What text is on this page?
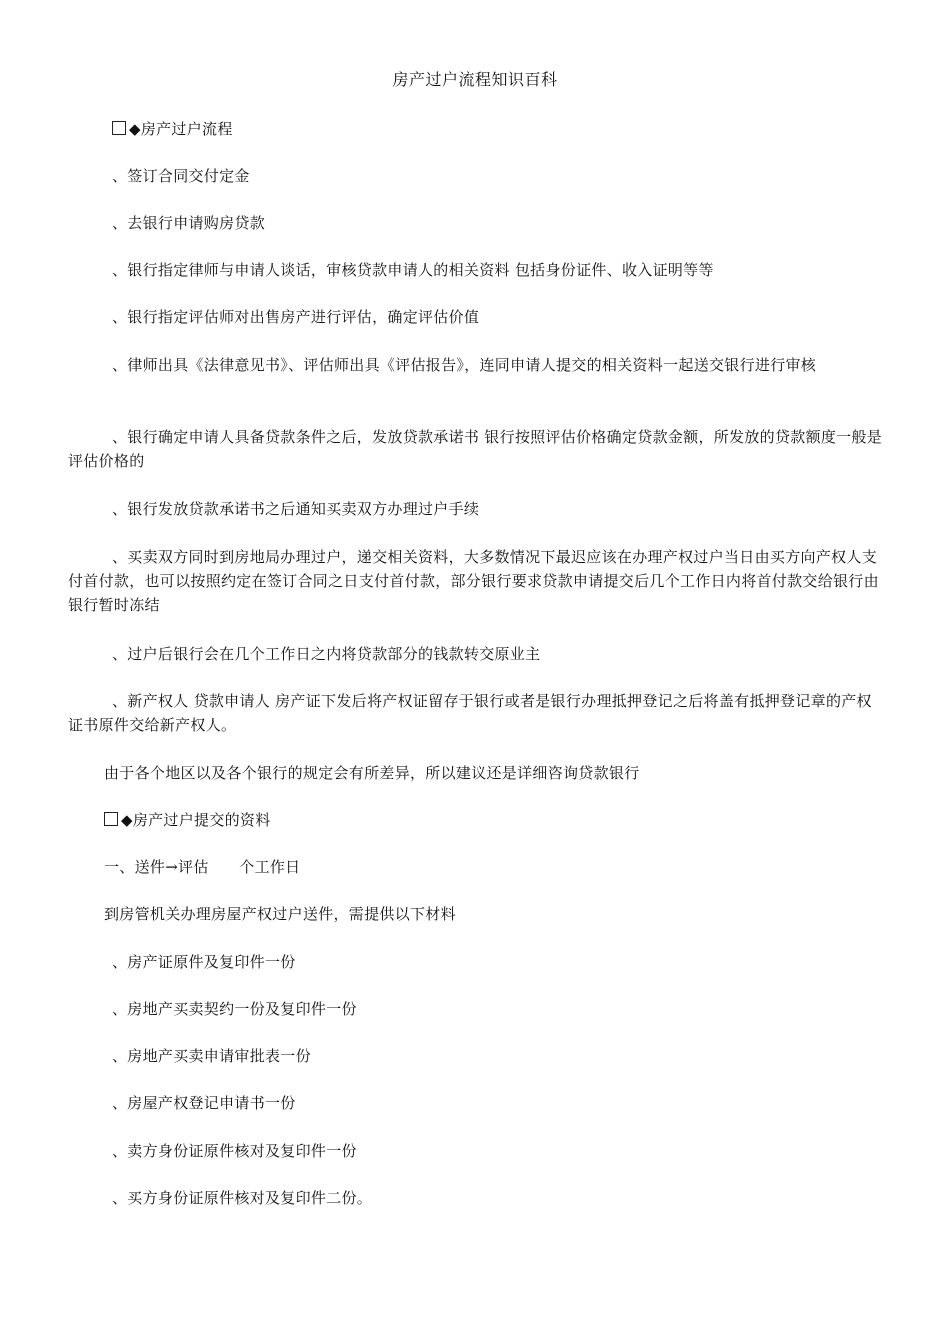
房产过户流程知识百科
◆房产过户流程
、签订合同交付定金
、去银行申请购房贷款
、银行指定律师与申请人谈话，审核贷款申请人的相关资料 包括身份证件、收入证明等等
、银行指定评估师对出售房产进行评估，确定评估价值
、律师出具《法律意见书》、评估师出具《评估报告》，连同申请人提交的相关资料一起送交银行进行审核
、银行确定申请人具备贷款条件之后，发放贷款承诺书 银行按照评估价格确定贷款金额，所发放的贷款额度一般是评估价格的
、银行发放贷款承诺书之后通知买卖双方办理过户手续
、买卖双方同时到房地局办理过户，递交相关资料，大多数情况下最迟应该在办理产权过户当日由买方向产权人支付首付款，也可以按照约定在签订合同之日支付首付款，部分银行要求贷款申请提交后几个工作日内将首付款交给银行由银行暂时冻结
、过户后银行会在几个工作日之内将贷款部分的钱款转交原业主
、新产权人 贷款申请人 房产证下发后将产权证留存于银行或者是银行办理抵押登记之后将盖有抵押登记章的产权证书原件交给新产权人。
由于各个地区以及各个银行的规定会有所差异，所以建议还是详细咨询贷款银行
◆房产过户提交的资料
一、送件→评估　　个工作日
到房管机关办理房屋产权过户送件，需提供以下材料
、房产证原件及复印件一份
、房地产买卖契约一份及复印件一份
、房地产买卖申请审批表一份
、房屋产权登记申请书一份
、卖方身份证原件核对及复印件一份
、买方身份证原件核对及复印件二份。
